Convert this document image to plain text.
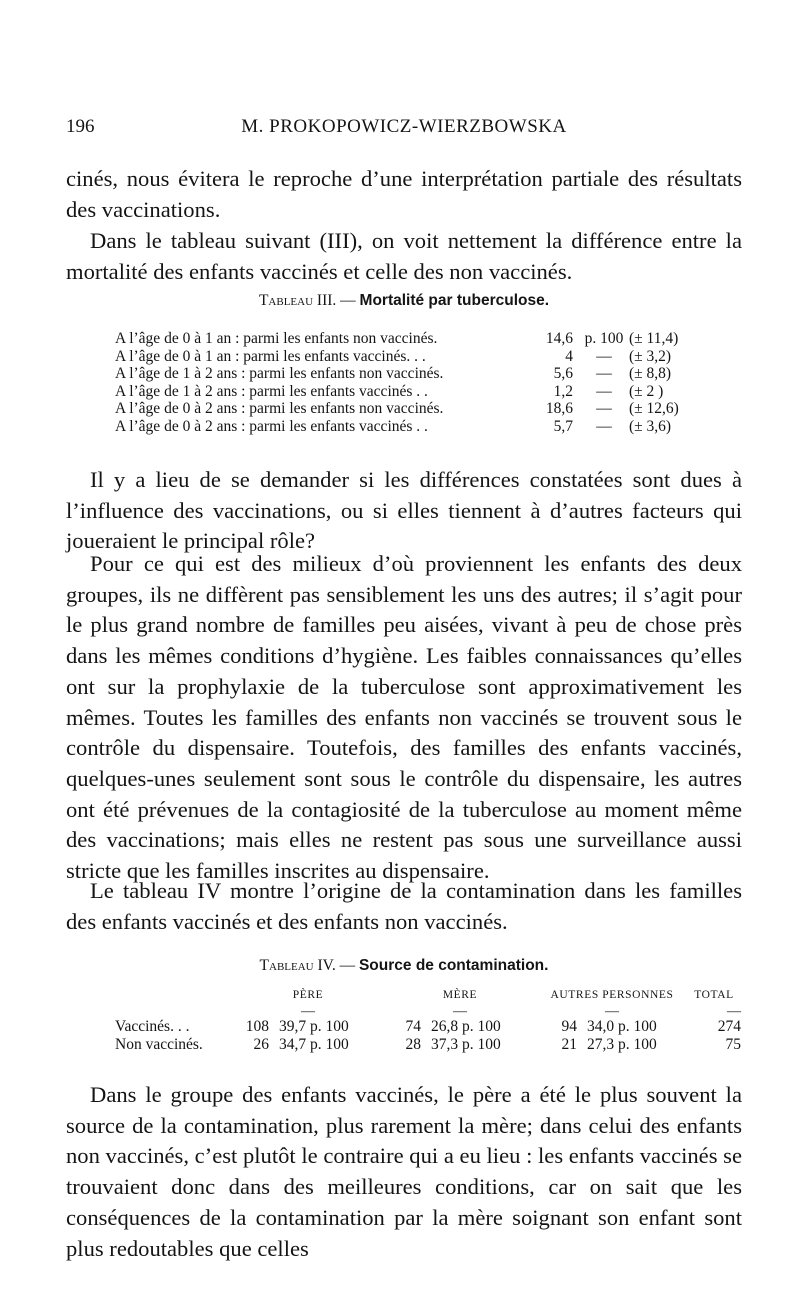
196	M. PROKOPOWICZ-WIERZBOWSKA

cinés, nous évitera le reproche d’une interprétation partiale des résultats des vaccinations.

Dans le tableau suivant (III), on voit nettement la différence entre la mortalité des enfants vaccinés et celle des non vaccinés.

Tableau III. — Mortalité par tuberculose.

A l’âge de 0 à 1 an : parmi les enfants non vaccinés.	14,6	p. 100	(± 11,4)
A l’âge de 0 à 1 an : parmi les enfants vaccinés. . .	4	—	(± 3,2)
A l’âge de 1 à 2 ans : parmi les enfants non vaccinés.	5,6	—	(± 8,8)
A l’âge de 1 à 2 ans : parmi les enfants vaccinés . .	1,2	—	(± 2 )
A l’âge de 0 à 2 ans : parmi les enfants non vaccinés.	18,6	—	(± 12,6)
A l’âge de 0 à 2 ans : parmi les enfants vaccinés . .	5,7	—	(± 3,6)

Il y a lieu de se demander si les différences constatées sont dues à l’influence des vaccinations, ou si elles tiennent à d’autres facteurs qui joueraient le principal rôle?

Pour ce qui est des milieux d’où proviennent les enfants des deux groupes, ils ne diffèrent pas sensiblement les uns des autres; il s’agit pour le plus grand nombre de familles peu aisées, vivant à peu de chose près dans les mêmes conditions d’hygiène. Les faibles connaissances qu’elles ont sur la prophylaxie de la tuberculose sont approximativement les mêmes. Toutes les familles des enfants non vaccinés se trouvent sous le contrôle du dispensaire. Toutefois, des familles des enfants vaccinés, quelques-unes seulement sont sous le contrôle du dispensaire, les autres ont été prévenues de la contagiosité de la tuberculose au moment même des vaccinations; mais elles ne restent pas sous une surveillance aussi stricte que les familles inscrites au dispensaire.

Le tableau IV montre l’origine de la contamination dans les familles des enfants vaccinés et des enfants non vaccinés.

Tableau IV. — Source de contamination.

	PÈRE		MÈRE		AUTRES PERSONNES		TOTAL
	—		—		—		—
Vaccinés. . .	108	39,7 p. 100	74	26,8 p. 100	94	34,0 p. 100	274
Non vaccinés.	26	34,7 p. 100	28	37,3 p. 100	21	27,3 p. 100	75

Dans le groupe des enfants vaccinés, le père a été le plus souvent la source de la contamination, plus rarement la mère; dans celui des enfants non vaccinés, c’est plutôt le contraire qui a eu lieu : les enfants vaccinés se trouvaient donc dans des meilleures conditions, car on sait que les conséquences de la contamination par la mère soignant son enfant sont plus redoutables que celles
